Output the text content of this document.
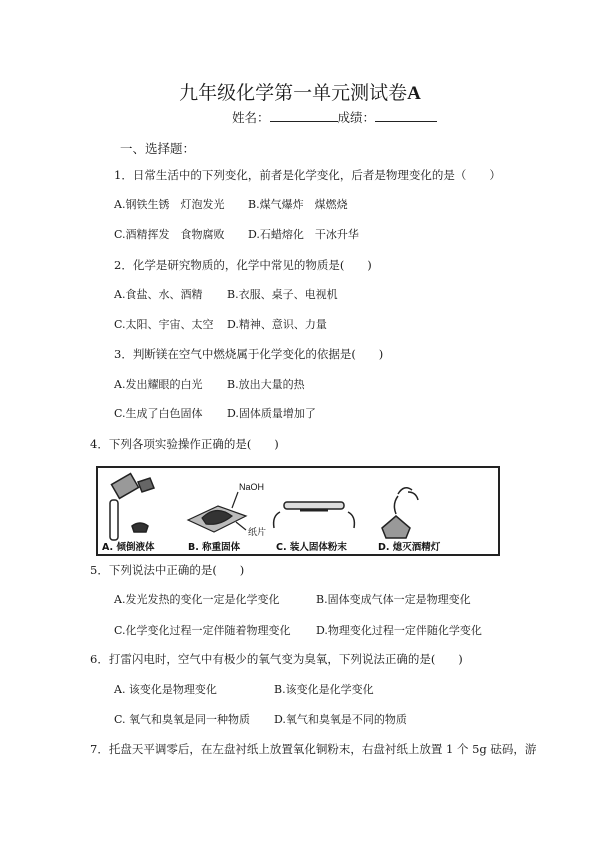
九年级化学第一单元测试卷A
姓名：	成绩：
一、选择题：
1．日常生活中的下列变化，前者是化学变化，后者是物理变化的是（　　）
A.钢铁生锈　灯泡发光 B.煤气爆炸　煤燃烧
C.酒精挥发　食物腐败 D.石蜡熔化　干冰升华
2．化学是研究物质的，化学中常见的物质是(　　)
A.食盐、水、酒精 B.衣服、桌子、电视机
C.太阳、宇宙、太空 D.精神、意识、力量
3．判断镁在空气中燃烧属于化学变化的依据是(　　)
A.发出耀眼的白光 B.放出大量的热
C.生成了白色固体 D.固体质量增加了
4．下列各项实验操作正确的是(　　)
NaOH
纸片
A. 倾倒液体	B. 称重固体	C. 装人固体粉末	D. 熄灭酒精灯
5．下列说法中正确的是(　　)
A.发光发热的变化一定是化学变化	B.固体变成气体一定是物理变化
C.化学变化过程一定伴随着物理变化 D.物理变化过程一定伴随化学变化
6．打雷闪电时，空气中有极少的氧气变为臭氧，下列说法正确的是(　　)
A. 该变化是物理变化	B.该变化是化学变化
C. 氧气和臭氧是同一种物质 D.氧气和臭氧是不同的物质
7．托盘天平调零后，在左盘衬纸上放置氧化铜粉末，右盘衬纸上放置 1 个 5g 砝码，游
